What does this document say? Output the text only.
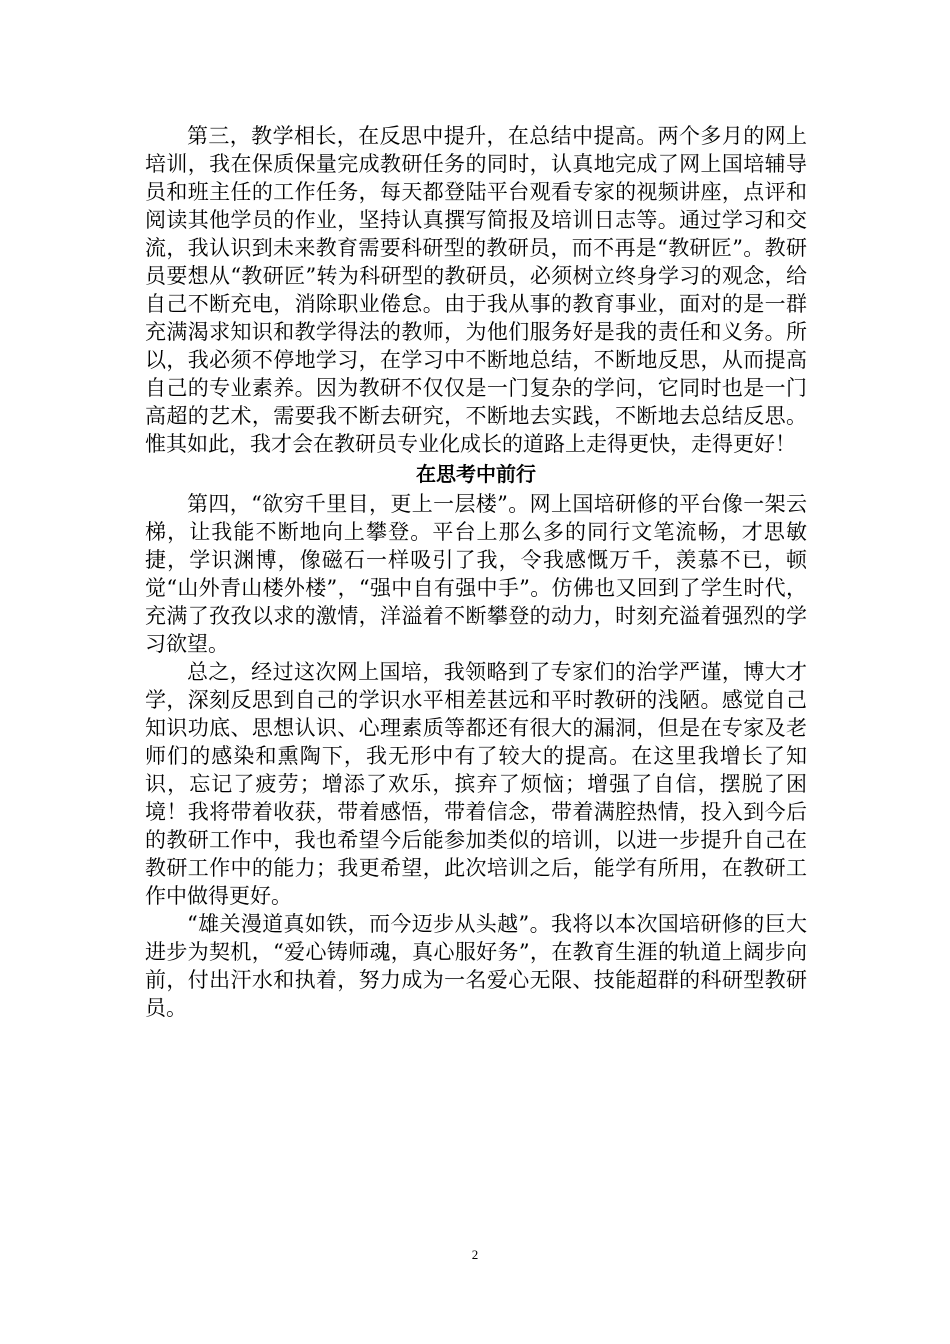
第三，教学相长，在反思中提升，在总结中提高。两个多月的网上培训，我在保质保量完成教研任务的同时，认真地完成了网上国培辅导员和班主任的工作任务，每天都登陆平台观看专家的视频讲座，点评和阅读其他学员的作业，坚持认真撰写简报及培训日志等。通过学习和交流，我认识到未来教育需要科研型的教研员，而不再是“教研匠”。教研员要想从“教研匠”转为科研型的教研员，必须树立终身学习的观念，给自己不断充电，消除职业倦怠。由于我从事的教育事业，面对的是一群充满渴求知识和教学得法的教师，为他们服务好是我的责任和义务。所以，我必须不停地学习，在学习中不断地总结，不断地反思，从而提高自己的专业素养。因为教研不仅仅是一门复杂的学问，它同时也是一门高超的艺术，需要我不断去研究，不断地去实践，不断地去总结反思。惟其如此，我才会在教研员专业化成长的道路上走得更快，走得更好！

在思考中前行

第四，“欲穷千里目，更上一层楼”。网上国培研修的平台像一架云梯，让我能不断地向上攀登。平台上那么多的同行文笔流畅，才思敏捷，学识渊博，像磁石一样吸引了我，令我感慨万千，羡慕不已，顿觉“山外青山楼外楼”，“强中自有强中手”。仿佛也又回到了学生时代，充满了孜孜以求的激情，洋溢着不断攀登的动力，时刻充溢着强烈的学习欲望。

总之，经过这次网上国培，我领略到了专家们的治学严谨，博大才学，深刻反思到自己的学识水平相差甚远和平时教研的浅陋。感觉自己知识功底、思想认识、心理素质等都还有很大的漏洞，但是在专家及老师们的感染和熏陶下，我无形中有了较大的提高。在这里我增长了知识，忘记了疲劳；增添了欢乐，摈弃了烦恼；增强了自信，摆脱了困境！我将带着收获，带着感悟，带着信念，带着满腔热情，投入到今后的教研工作中，我也希望今后能参加类似的培训，以进一步提升自己在教研工作中的能力；我更希望，此次培训之后，能学有所用，在教研工作中做得更好。

“雄关漫道真如铁，而今迈步从头越”。我将以本次国培研修的巨大进步为契机，“爱心铸师魂，真心服好务”，在教育生涯的轨道上阔步向前，付出汗水和执着，努力成为一名爱心无限、技能超群的科研型教研员。

2
